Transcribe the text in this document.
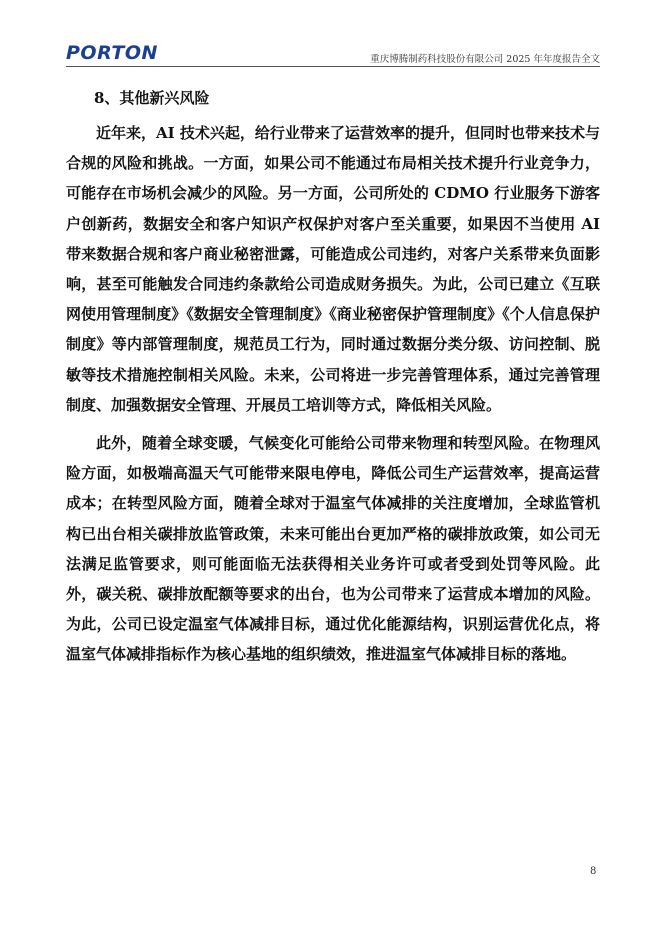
PORTON	重庆博腾制药科技股份有限公司 2025 年年度报告全文

8、其他新兴风险

近年来，AI 技术兴起，给行业带来了运营效率的提升，但同时也带来技术与合规的风险和挑战。一方面，如果公司不能通过布局相关技术提升行业竞争力，可能存在市场机会减少的风险。另一方面，公司所处的 CDMO 行业服务下游客户创新药，数据安全和客户知识产权保护对客户至关重要，如果因不当使用 AI 带来数据合规和客户商业秘密泄露，可能造成公司违约，对客户关系带来负面影响，甚至可能触发合同违约条款给公司造成财务损失。为此，公司已建立《互联网使用管理制度》《数据安全管理制度》《商业秘密保护管理制度》《个人信息保护制度》等内部管理制度，规范员工行为，同时通过数据分类分级、访问控制、脱敏等技术措施控制相关风险。未来，公司将进一步完善管理体系，通过完善管理制度、加强数据安全管理、开展员工培训等方式，降低相关风险。

此外，随着全球变暖，气候变化可能给公司带来物理和转型风险。在物理风险方面，如极端高温天气可能带来限电停电，降低公司生产运营效率，提高运营成本；在转型风险方面，随着全球对于温室气体减排的关注度增加，全球监管机构已出台相关碳排放监管政策，未来可能出台更加严格的碳排放政策，如公司无法满足监管要求，则可能面临无法获得相关业务许可或者受到处罚等风险。此外，碳关税、碳排放配额等要求的出台，也为公司带来了运营成本增加的风险。为此，公司已设定温室气体减排目标，通过优化能源结构，识别运营优化点，将温室气体减排指标作为核心基地的组织绩效，推进温室气体减排目标的落地。

8
